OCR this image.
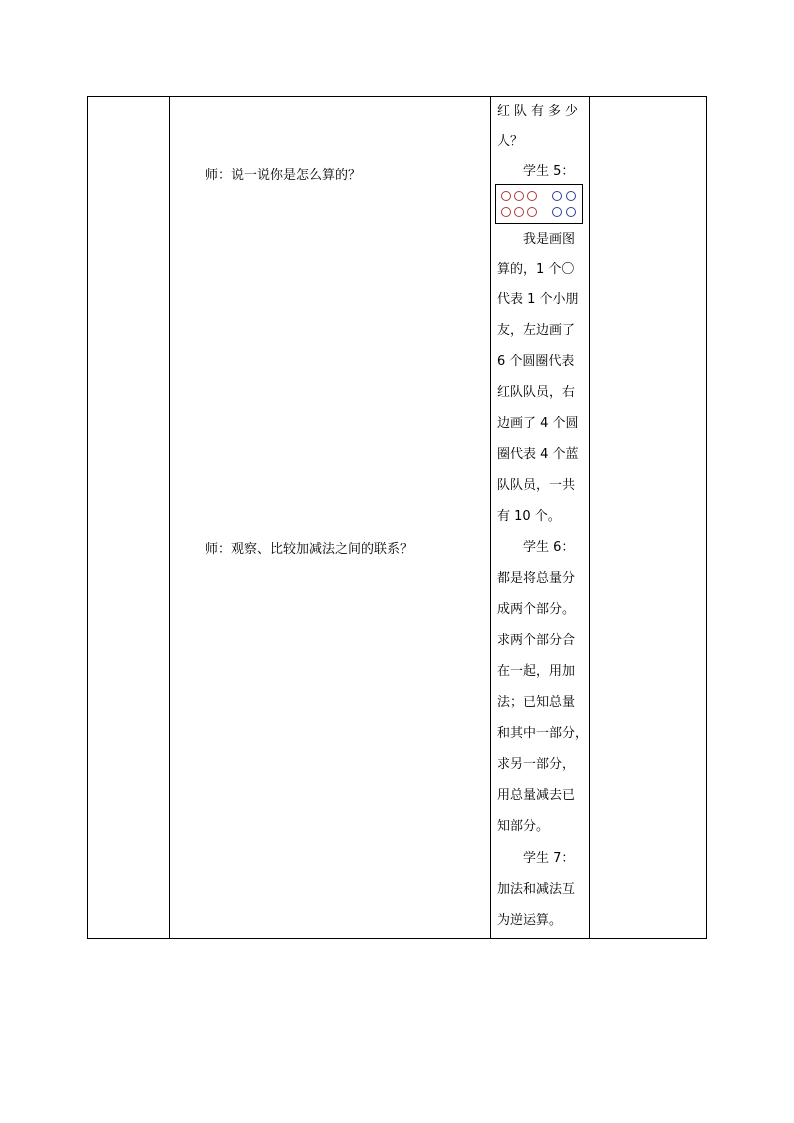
师：说一说你是怎么算的？
师：观察、比较加减法之间的联系？
红队有多少
人？
学生 5：
我是画图
算的，1 个〇
代表 1 个小朋
友，左边画了
6 个圆圈代表
红队队员，右
边画了 4 个圆
圈代表 4 个蓝
队队员，一共
有 10 个。
学生 6：
都是将总量分
成两个部分。
求两个部分合
在一起，用加
法；已知总量
和其中一部分，
求另一部分，
用总量减去已
知部分。
学生 7：
加法和减法互
为逆运算。
